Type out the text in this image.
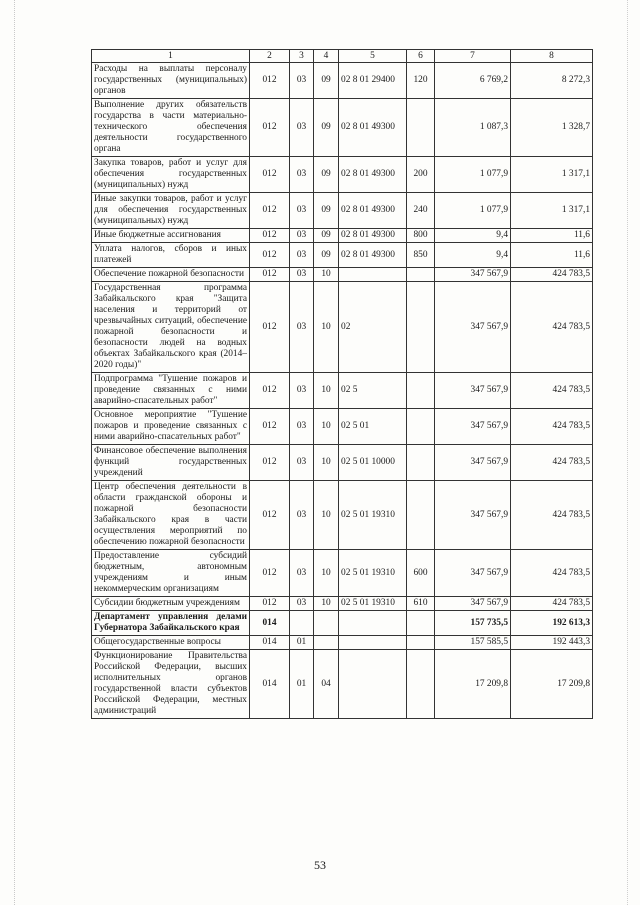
1	2	3	4	5	6	7	8
Расходы на выплаты персоналу государственных (муниципальных) органов	012	03	09	02 8 01 29400	120	6 769,2	8 272,3
Выполнение других обязательств государства в части материально-технического обеспечения деятельности государственного органа	012	03	09	02 8 01 49300		1 087,3	1 328,7
Закупка товаров, работ и услуг для обеспечения государственных (муниципальных) нужд	012	03	09	02 8 01 49300	200	1 077,9	1 317,1
Иные закупки товаров, работ и услуг для обеспечения государственных (муниципальных) нужд	012	03	09	02 8 01 49300	240	1 077,9	1 317,1
Иные бюджетные ассигнования	012	03	09	02 8 01 49300	800	9,4	11,6
Уплата налогов, сборов и иных платежей	012	03	09	02 8 01 49300	850	9,4	11,6
Обеспечение пожарной безопасности	012	03	10			347 567,9	424 783,5
Государственная программа Забайкальского края "Защита населения и территорий от чрезвычайных ситуаций, обеспечение пожарной безопасности и безопасности людей на водных объектах Забайкальского края (2014–2020 годы)"	012	03	10	02		347 567,9	424 783,5
Подпрограмма "Тушение пожаров и проведение связанных с ними аварийно-спасательных работ"	012	03	10	02 5		347 567,9	424 783,5
Основное мероприятие "Тушение пожаров и проведение связанных с ними аварийно-спасательных работ"	012	03	10	02 5 01		347 567,9	424 783,5
Финансовое обеспечение выполнения функций государственных учреждений	012	03	10	02 5 01 10000		347 567,9	424 783,5
Центр обеспечения деятельности в области гражданской обороны и пожарной безопасности Забайкальского края в части осуществления мероприятий по обеспечению пожарной безопасности	012	03	10	02 5 01 19310		347 567,9	424 783,5
Предоставление субсидий бюджетным, автономным учреждениям и иным некоммерческим организациям	012	03	10	02 5 01 19310	600	347 567,9	424 783,5
Субсидии бюджетным учреждениям	012	03	10	02 5 01 19310	610	347 567,9	424 783,5
Департамент управления делами Губернатора Забайкальского края	014					157 735,5	192 613,3
Общегосударственные вопросы	014	01				157 585,5	192 443,3
Функционирование Правительства Российской Федерации, высших исполнительных органов государственной власти субъектов Российской Федерации, местных администраций	014	01	04			17 209,8	17 209,8
53
